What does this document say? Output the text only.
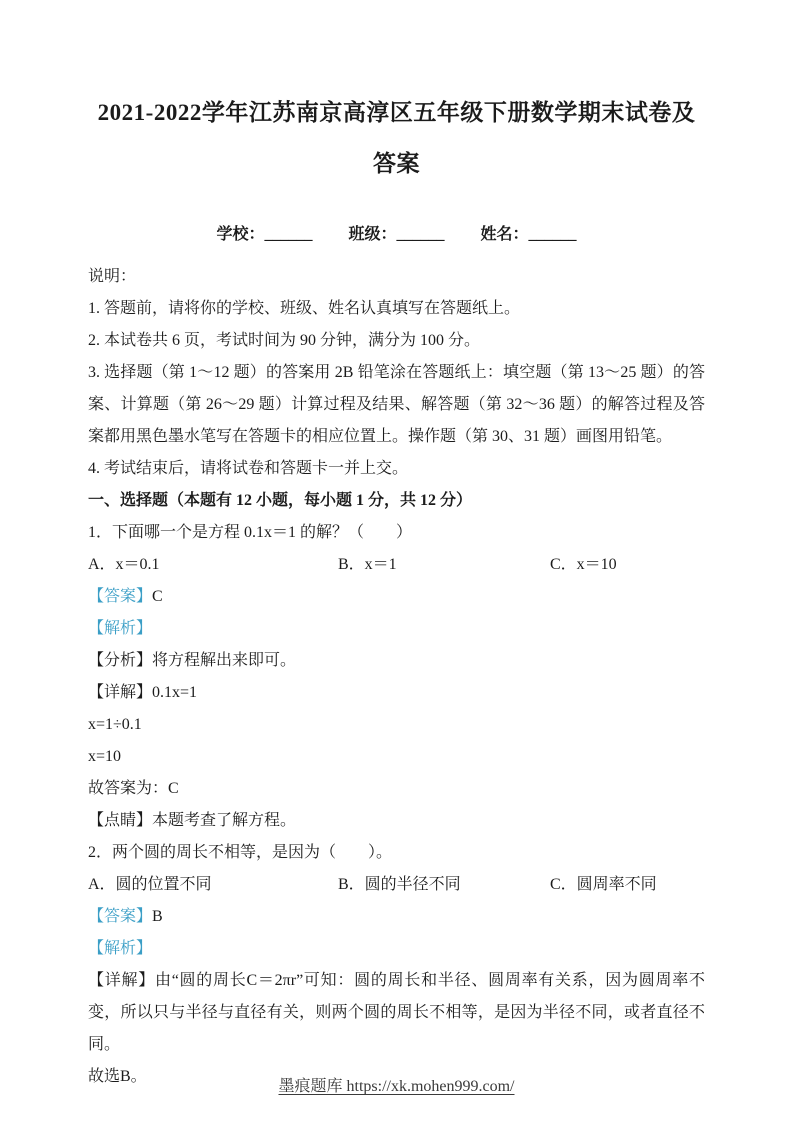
2021-2022学年江苏南京高淳区五年级下册数学期末试卷及
答案
学校：______ 班级：______ 姓名：______

说明：

1. 答题前，请将你的学校、班级、姓名认真填写在答题纸上。

2. 本试卷共 6 页，考试时间为 90 分钟，满分为 100 分。

3. 选择题（第 1～12 题）的答案用 2B 铅笔涂在答题纸上：填空题（第 13～25 题）的答案、计算题（第 26～29 题）计算过程及结果、解答题（第 32～36 题）的解答过程及答案都用黑色墨水笔写在答题卡的相应位置上。操作题（第 30、31 题）画图用铅笔。

4. 考试结束后，请将试卷和答题卡一并上交。

一、选择题（本题有 12 小题，每小题 1 分，共 12 分）

1．下面哪一个是方程 0.1x＝1 的解？（　　）

A．x＝0.1	B．x＝1	C．x＝10

【答案】C

【解析】

【分析】将方程解出来即可。

【详解】0.1x=1

x=1÷0.1

x=10

故答案为：C

【点睛】本题考查了解方程。

2．两个圆的周长不相等，是因为（　　）。

A．圆的位置不同	B．圆的半径不同	C．圆周率不同

【答案】B

【解析】

【详解】由“圆的周长C＝2πr”可知：圆的周长和半径、圆周率有关系，因为圆周率不变，所以只与半径与直径有关，则两个圆的周长不相等，是因为半径不同，或者直径不同。

故选B。

墨痕题库 https://xk.mohen999.com/
